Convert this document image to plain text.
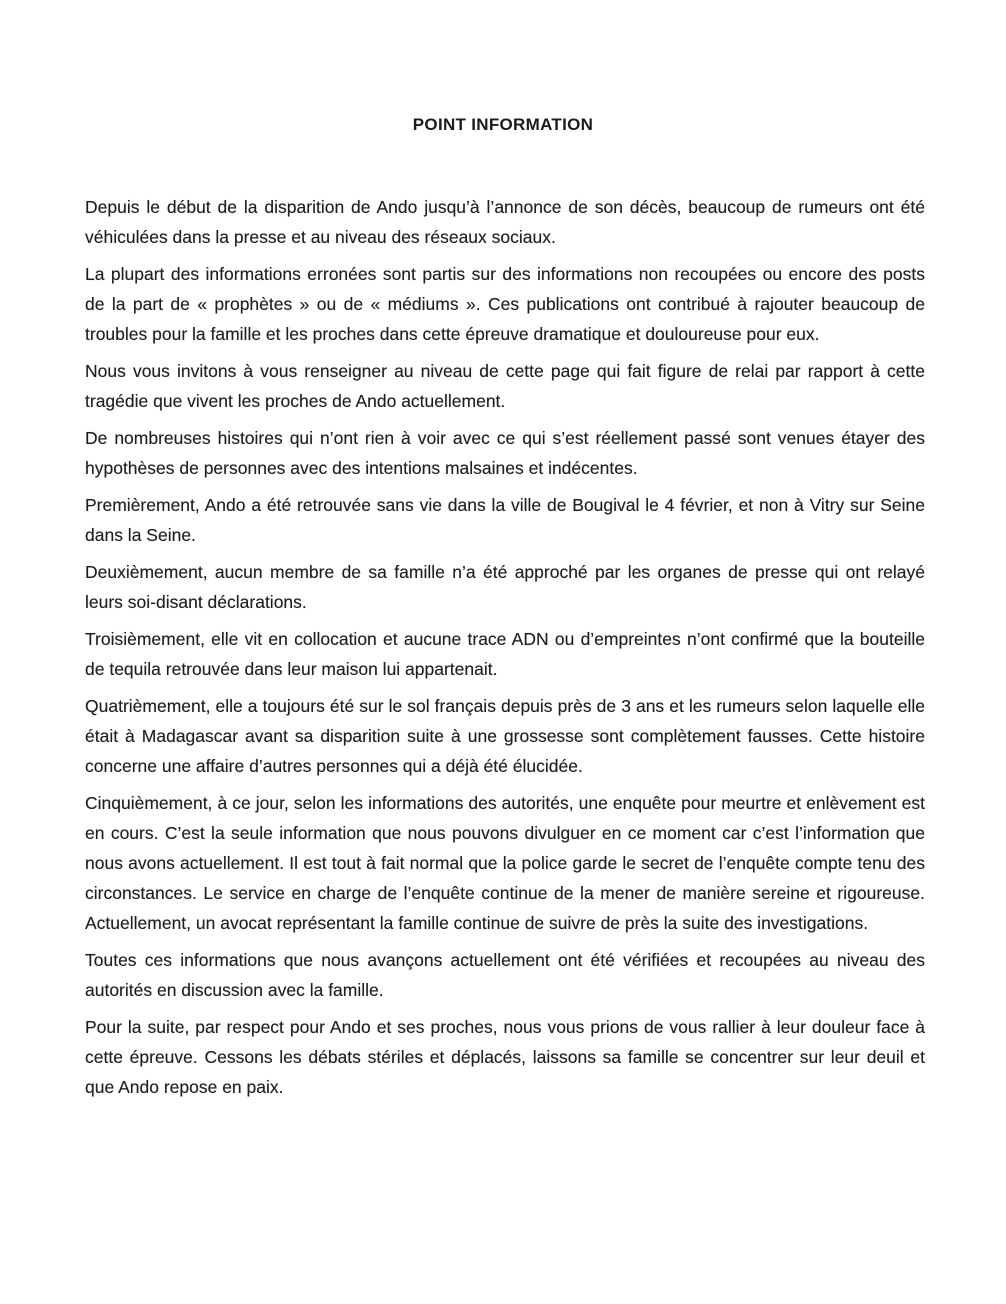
POINT INFORMATION

Depuis le début de la disparition de Ando jusqu’à l’annonce de son décès, beaucoup de rumeurs ont été véhiculées dans la presse et au niveau des réseaux sociaux.

La plupart des informations erronées sont partis sur des informations non recoupées ou encore des posts de la part de « prophètes » ou de « médiums ». Ces publications ont contribué à rajouter beaucoup de troubles pour la famille et les proches dans cette épreuve dramatique et douloureuse pour eux.

Nous vous invitons à vous renseigner au niveau de cette page qui fait figure de relai par rapport à cette tragédie que vivent les proches de Ando actuellement.

De nombreuses histoires qui n’ont rien à voir avec ce qui s’est réellement passé sont venues étayer des hypothèses de personnes avec des intentions malsaines et indécentes.

Premièrement, Ando a été retrouvée sans vie dans la ville de Bougival le 4 février, et non à Vitry sur Seine dans la Seine.

Deuxièmement, aucun membre de sa famille n’a été approché par les organes de presse qui ont relayé leurs soi-disant déclarations.

Troisièmement, elle vit en collocation et aucune trace ADN ou d’empreintes n’ont confirmé que la bouteille de tequila retrouvée dans leur maison lui appartenait.

Quatrièmement, elle a toujours été sur le sol français depuis près de 3 ans et les rumeurs selon laquelle elle était à Madagascar avant sa disparition suite à une grossesse sont complètement fausses. Cette histoire concerne une affaire d’autres personnes qui a déjà été élucidée.

Cinquièmement, à ce jour, selon les informations des autorités, une enquête pour meurtre et enlèvement est en cours. C’est la seule information que nous pouvons divulguer en ce moment car c’est l’information que nous avons actuellement. Il est tout à fait normal que la police garde le secret de l’enquête compte tenu des circonstances. Le service en charge de l’enquête continue de la mener de manière sereine et rigoureuse. Actuellement, un avocat représentant la famille continue de suivre de près la suite des investigations.

Toutes ces informations que nous avançons actuellement ont été vérifiées et recoupées au niveau des autorités en discussion avec la famille.

Pour la suite, par respect pour Ando et ses proches, nous vous prions de vous rallier à leur douleur face à cette épreuve. Cessons les débats stériles et déplacés, laissons sa famille se concentrer sur leur deuil et que Ando repose en paix.
